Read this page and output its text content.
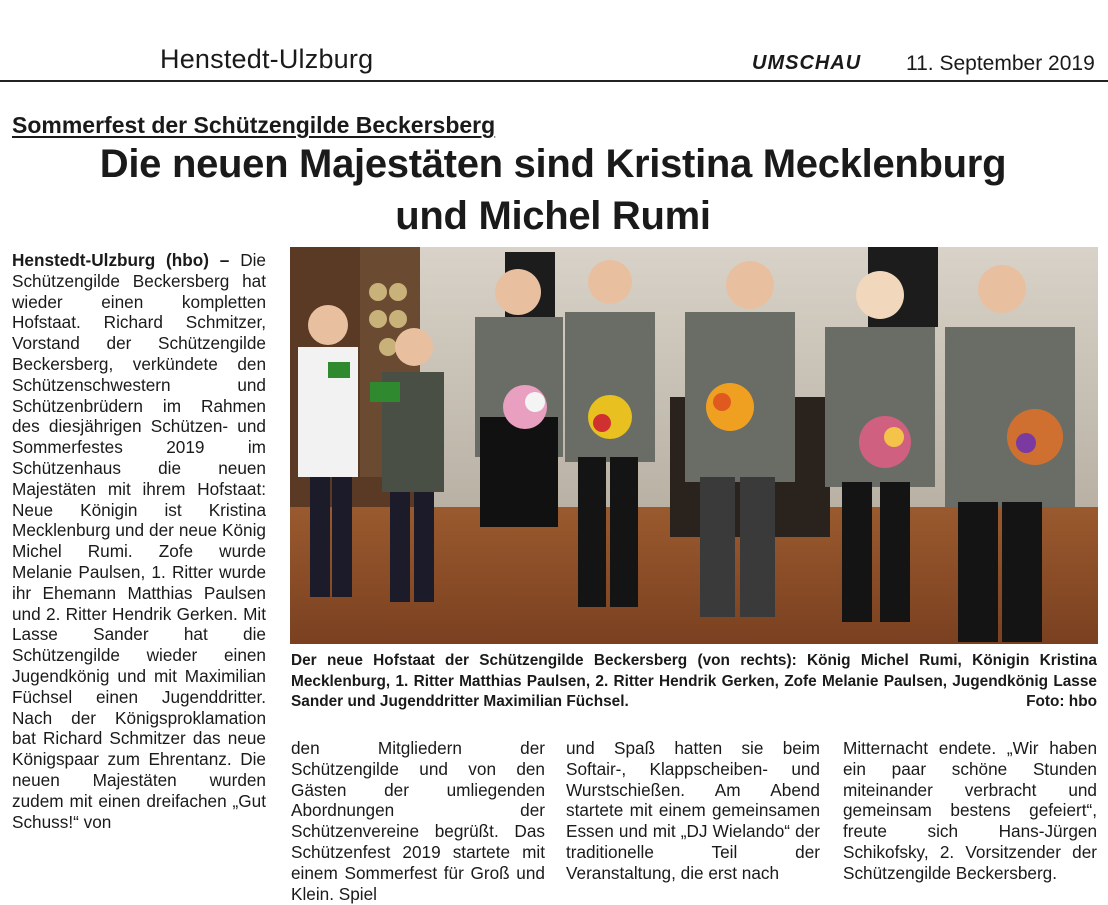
Henstedt-Ulzburg	UMSCHAU 11. September 2019
Sommerfest der Schützengilde Beckersberg
Die neuen Majestäten sind Kristina Mecklenburg
und Michel Rumi

Henstedt-Ulzburg (hbo) – Die Schützengilde Beckersberg hat wieder einen kompletten Hofstaat. Richard Schmitzer, Vorstand der Schützengilde Beckersberg, verkündete den Schützenschwestern und Schützenbrüdern im Rahmen des diesjährigen Schützen- und Sommerfestes 2019 im Schützenhaus die neuen Majestäten mit ihrem Hofstaat: Neue Königin ist Kristina Mecklenburg und der neue König Michel Rumi. Zofe wurde Melanie Paulsen, 1. Ritter wurde ihr Ehemann Matthias Paulsen und 2. Ritter Hendrik Gerken. Mit Lasse Sander hat die Schützengilde wieder einen Jugendkönig und mit Maximilian Füchsel einen Jugenddritter. Nach der Königsproklamation bat Richard Schmitzer das neue Königspaar zum Ehrentanz. Die neuen Majestäten wurden zudem mit einen dreifachen „Gut Schuss!“ von

Der neue Hofstaat der Schützengilde Beckersberg (von rechts): König Michel Rumi, Königin Kristina Mecklenburg, 1. Ritter Matthias Paulsen, 2. Ritter Hendrik Gerken, Zofe Melanie Paulsen, Jugendkönig Lasse Sander und Jugenddritter Maximilian Füchsel.	Foto: hbo

den Mitgliedern der Schützengilde und von den Gästen der umliegenden Abordnungen der Schützenvereine begrüßt. Das Schützenfest 2019 startete mit einem Sommerfest für Groß und Klein. Spiel

und Spaß hatten sie beim Softair-, Klappscheiben- und Wurstschießen. Am Abend startete mit einem gemeinsamen Essen und mit „DJ Wielando“ der traditionelle Teil der Veranstaltung, die erst nach

Mitternacht endete. „Wir haben ein paar schöne Stunden miteinander verbracht und gemeinsam bestens gefeiert“, freute sich Hans-Jürgen Schikofsky, 2. Vorsitzender der Schützengilde Beckersberg.
